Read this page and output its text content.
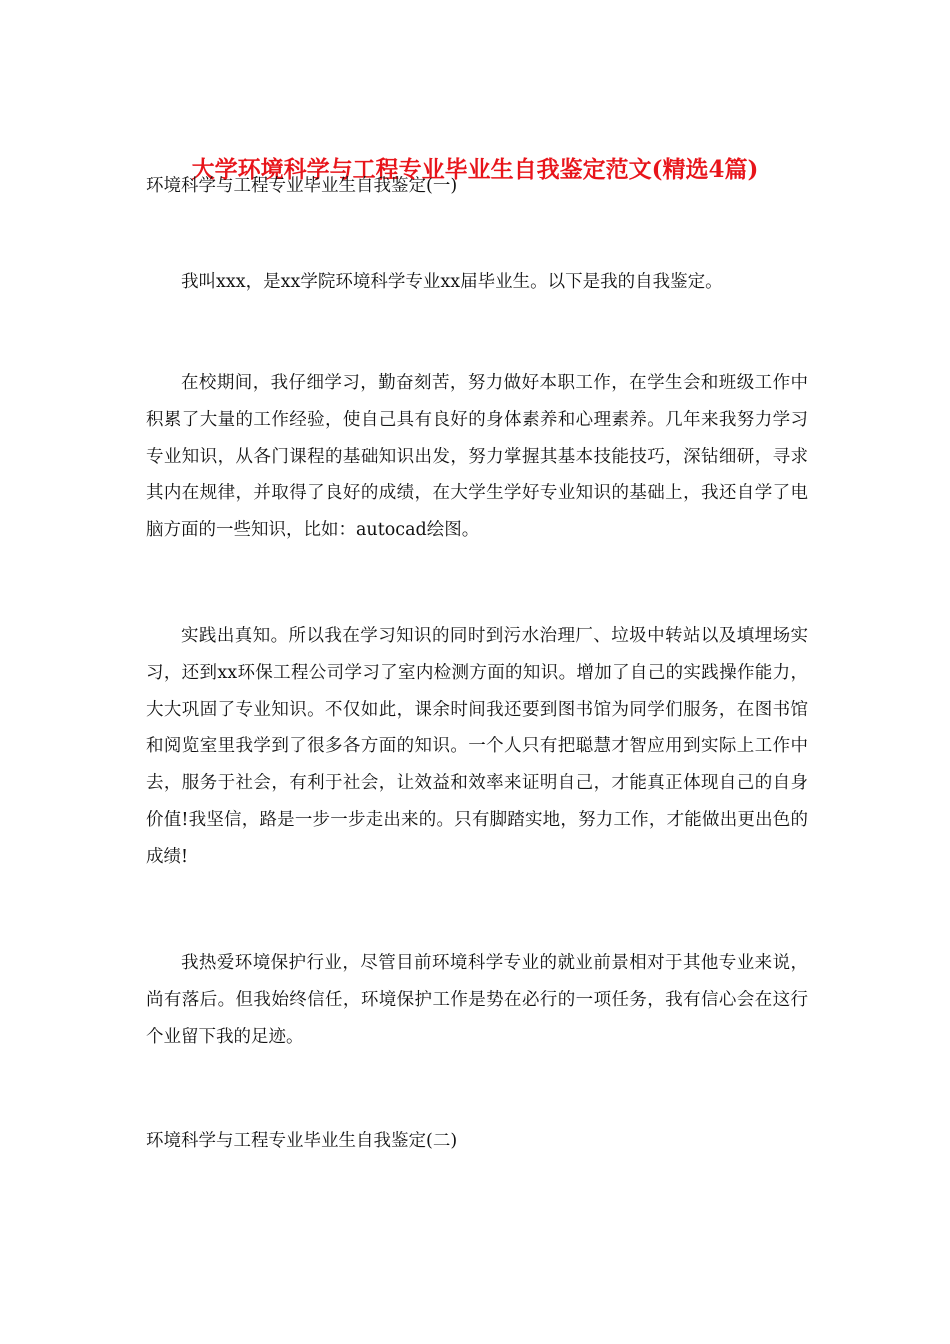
大学环境科学与工程专业毕业生自我鉴定范文(精选4篇)
环境科学与工程专业毕业生自我鉴定(一)

我叫xxx，是xx学院环境科学专业xx届毕业生。以下是我的自我鉴定。

在校期间，我仔细学习，勤奋刻苦，努力做好本职工作，在学生会和班级工作中积累了大量的工作经验，使自己具有良好的身体素养和心理素养。几年来我努力学习专业知识，从各门课程的基础知识出发，努力掌握其基本技能技巧，深钻细研，寻求其内在规律，并取得了良好的成绩，在大学生学好专业知识的基础上，我还自学了电脑方面的一些知识，比如：autocad绘图。

实践出真知。所以我在学习知识的同时到污水治理厂、垃圾中转站以及填埋场实习，还到xx环保工程公司学习了室内检测方面的知识。增加了自己的实践操作能力，大大巩固了专业知识。不仅如此，课余时间我还要到图书馆为同学们服务，在图书馆和阅览室里我学到了很多各方面的知识。一个人只有把聪慧才智应用到实际上工作中去，服务于社会，有利于社会，让效益和效率来证明自己，才能真正体现自己的自身价值!我坚信，路是一步一步走出来的。只有脚踏实地，努力工作，才能做出更出色的成绩!

我热爱环境保护行业，尽管目前环境科学专业的就业前景相对于其他专业来说，尚有落后。但我始终信任，环境保护工作是势在必行的一项任务，我有信心会在这行个业留下我的足迹。

环境科学与工程专业毕业生自我鉴定(二)
